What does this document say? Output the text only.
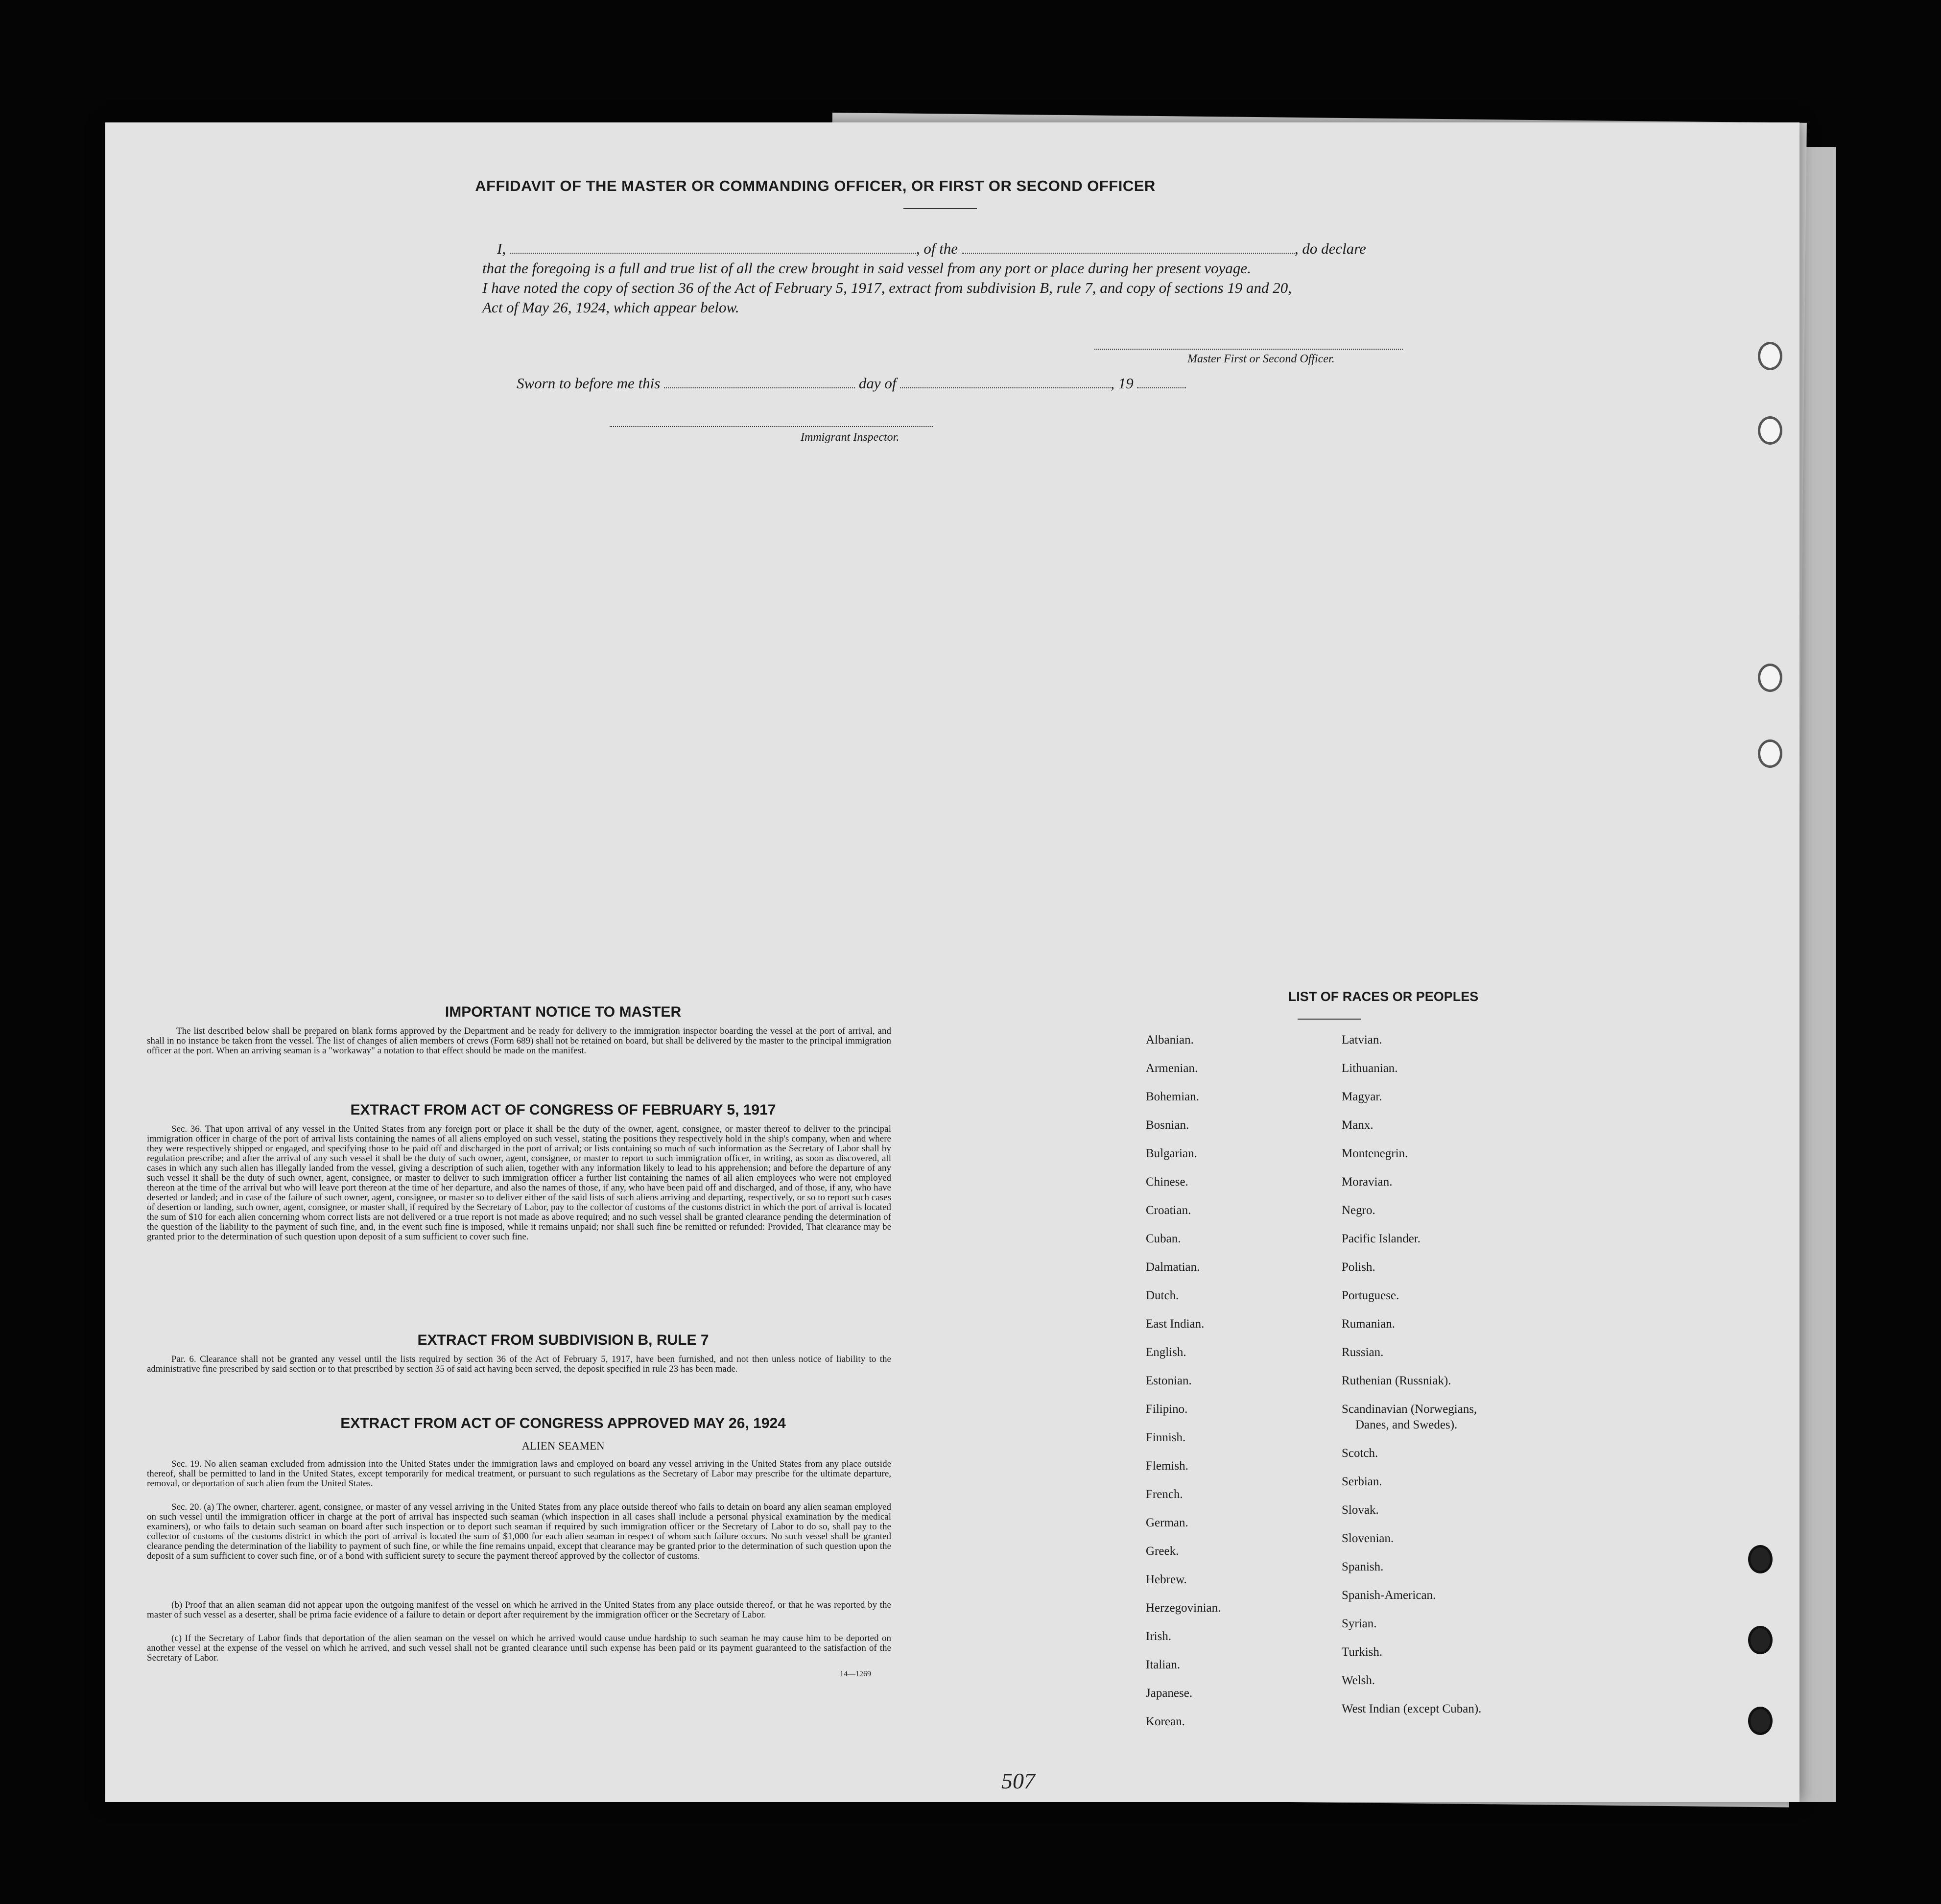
AFFIDAVIT OF THE MASTER OR COMMANDING OFFICER, OR FIRST OR SECOND OFFICER
I,	, of the	, do declare
that the foregoing is a full and true list of all the crew brought in said vessel from any port or place during her present voyage.
I have noted the copy of section 36 of the Act of February 5, 1917, extract from subdivision B, rule 7, and copy of sections 19 and 20,
Act of May 26, 1924, which appear below.
Master First or Second Officer.
Sworn to before me this	day of	, 19
Immigrant Inspector.
IMPORTANT NOTICE TO MASTER
The list described below shall be prepared on blank forms approved by the Department and be ready for delivery to the immigration inspector boarding the vessel at the port of arrival, and shall in no instance be taken from the vessel. The list of changes of alien members of crews (Form 689) shall not be retained on board, but shall be delivered by the master to the principal immigration officer at the port. When an arriving seaman is a "workaway" a notation to that effect should be made on the manifest.
EXTRACT FROM ACT OF CONGRESS OF FEBRUARY 5, 1917
Sec. 36. That upon arrival of any vessel in the United States from any foreign port or place it shall be the duty of the owner, agent, consignee, or master thereof to deliver to the principal immigration officer in charge of the port of arrival lists containing the names of all aliens employed on such vessel, stating the positions they respectively hold in the ship's company, when and where they were respectively shipped or engaged, and specifying those to be paid off and discharged in the port of arrival; or lists containing so much of such information as the Secretary of Labor shall by regulation prescribe; and after the arrival of any such vessel it shall be the duty of such owner, agent, consignee, or master to report to such immigration officer, in writing, as soon as discovered, all cases in which any such alien has illegally landed from the vessel, giving a description of such alien, together with any information likely to lead to his apprehension; and before the departure of any such vessel it shall be the duty of such owner, agent, consignee, or master to deliver to such immigration officer a further list containing the names of all alien employees who were not employed thereon at the time of the arrival but who will leave port thereon at the time of her departure, and also the names of those, if any, who have been paid off and discharged, and of those, if any, who have deserted or landed; and in case of the failure of such owner, agent, consignee, or master so to deliver either of the said lists of such aliens arriving and departing, respectively, or so to report such cases of desertion or landing, such owner, agent, consignee, or master shall, if required by the Secretary of Labor, pay to the collector of customs of the customs district in which the port of arrival is located the sum of $10 for each alien concerning whom correct lists are not delivered or a true report is not made as above required; and no such vessel shall be granted clearance pending the determination of the question of the liability to the payment of such fine, and, in the event such fine is imposed, while it remains unpaid; nor shall such fine be remitted or refunded: Provided, That clearance may be granted prior to the determination of such question upon deposit of a sum sufficient to cover such fine.
EXTRACT FROM SUBDIVISION B, RULE 7
Par. 6. Clearance shall not be granted any vessel until the lists required by section 36 of the Act of February 5, 1917, have been furnished, and not then unless notice of liability to the administrative fine prescribed by said section or to that prescribed by section 35 of said act having been served, the deposit specified in rule 23 has been made.
EXTRACT FROM ACT OF CONGRESS APPROVED MAY 26, 1924
ALIEN SEAMEN
Sec. 19. No alien seaman excluded from admission into the United States under the immigration laws and employed on board any vessel arriving in the United States from any place outside thereof, shall be permitted to land in the United States, except temporarily for medical treatment, or pursuant to such regulations as the Secretary of Labor may prescribe for the ultimate departure, removal, or deportation of such alien from the United States.
Sec. 20. (a) The owner, charterer, agent, consignee, or master of any vessel arriving in the United States from any place outside thereof who fails to detain on board any alien seaman employed on such vessel until the immigration officer in charge at the port of arrival has inspected such seaman (which inspection in all cases shall include a personal physical examination by the medical examiners), or who fails to detain such seaman on board after such inspection or to deport such seaman if required by such immigration officer or the Secretary of Labor to do so, shall pay to the collector of customs of the customs district in which the port of arrival is located the sum of $1,000 for each alien seaman in respect of whom such failure occurs. No such vessel shall be granted clearance pending the determination of the liability to payment of such fine, or while the fine remains unpaid, except that clearance may be granted prior to the determination of such question upon the deposit of a sum sufficient to cover such fine, or of a bond with sufficient surety to secure the payment thereof approved by the collector of customs.
(b) Proof that an alien seaman did not appear upon the outgoing manifest of the vessel on which he arrived in the United States from any place outside thereof, or that he was reported by the master of such vessel as a deserter, shall be prima facie evidence of a failure to detain or deport after requirement by the immigration officer or the Secretary of Labor.
(c) If the Secretary of Labor finds that deportation of the alien seaman on the vessel on which he arrived would cause undue hardship to such seaman he may cause him to be deported on another vessel at the expense of the vessel on which he arrived, and such vessel shall not be granted clearance until such expense has been paid or its payment guaranteed to the satisfaction of the Secretary of Labor.
14—1269
LIST OF RACES OR PEOPLES
507
Albanian.
Armenian.
Bohemian.
Bosnian.
Bulgarian.
Chinese.
Croatian.
Cuban.
Dalmatian.
Dutch.
East Indian.
English.
Estonian.
Filipino.
Finnish.
Flemish.
French.
German.
Greek.
Hebrew.
Herzegovinian.
Irish.
Italian.
Japanese.
Korean.
Latvian.
Lithuanian.
Magyar.
Manx.
Montenegrin.
Moravian.
Negro.
Pacific Islander.
Polish.
Portuguese.
Rumanian.
Russian.
Ruthenian (Russniak).
Scandinavian (Norwegians,
Danes, and Swedes).
Scotch.
Serbian.
Slovak.
Slovenian.
Spanish.
Spanish-American.
Syrian.
Turkish.
Welsh.
West Indian (except Cuban).
